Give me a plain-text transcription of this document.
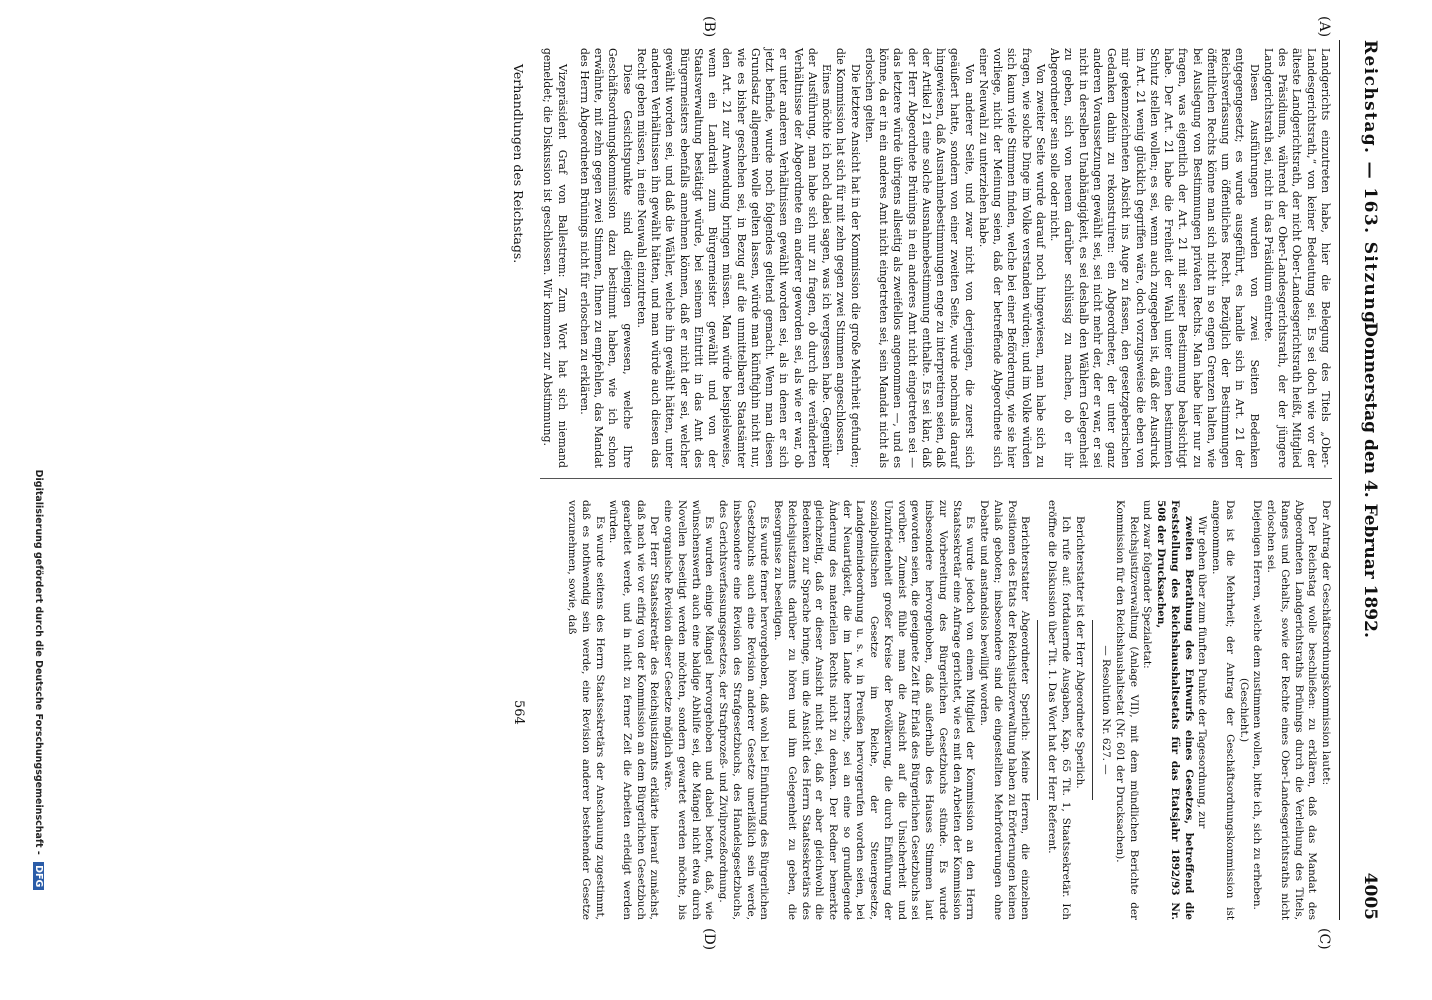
Reichstag. — 163. Sitzung.
Donnerstag den 4. Februar 1892.
4005
(A)
(B)
(C)
(D)

Landgerichts einzutreten habe, hier die Belegung des Titels „Ober-Landesgerichtsrath,“ von keiner Bedeutung sei. Es sei doch wie vor der älteste Landgerichtsrath, der nicht Ober-Landesgerichtsrath heißt, Mitglied des Präsidiums, während der Ober-Landesgerichtsrath, der der jüngere Landgerichtsrath sei, nicht in das Präsidium eintrete.

Diesen Ausführungen wurden von zwei Seiten Bedenken entgegengesetzt; es wurde ausgeführt, es handle sich in Art. 21 der Reichsverfassung um öffentliches Recht. Bezüglich der Bestimmungen öffentlichen Rechts könne man sich nicht in so engen Grenzen halten, wie bei Auslegung von Bestimmungen privaten Rechts. Man habe hier nur zu fragen, was eigentlich der Art. 21 mit seiner Bestimmung beabsichtigt habe. Der Art. 21 habe die Freiheit der Wahl unter einen bestimmten Schutz stellen wollen; es sei, wenn auch zugegeben ist, daß der Ausdruck im Art. 21 wenig glücklich gegriffen wäre, doch vorzugsweise die eben von mir gekennzeichneten Absicht ins Auge zu fassen, den gesetzgeberischen Gedanken dahin zu rekonstruiren: ein Abgeordneter, der unter ganz anderen Voraussetzungen gewählt sei, sei nicht mehr der, der er war, er sei nicht in derselben Unabhängigkeit, es sei deshalb den Wählern Gelegenheit zu geben, sich von neuem darüber schlüssig zu machen, ob er ihr Abgeordneter sein solle oder nicht.

Von zweiter Seite wurde darauf noch hingewiesen, man habe sich zu fragen, wie solche Dinge im Volke verstanden würden; und im Volke würden sich kaum viele Stimmen finden, welche bei einer Beförderung, wie sie hier vorliege, nicht der Meinung seien, daß der betreffende Abgeordnete sich einer Neuwahl zu unterziehen habe.

Von anderer Seite, und zwar nicht von derjenigen, die zuerst sich geäußert hatte, sondern von einer zweiten Seite, wurde nochmals darauf hingewiesen, daß Ausnahmebestimmungen enge zu interpretiren seien, daß der Artikel 21 eine solche Ausnahmebestimmung enthalte. Es sei klar, daß der Herr Abgeordnete Brünings in ein anderes Amt nicht eingetreten sei — das letztere würde übrigens allseitig als zweifellos angenommen —, und es könne, da er in ein anderes Amt nicht eingetreten sei, sein Mandat nicht als erloschen gelten.

Die letztere Ansicht hat in der Kommission die große Mehrheit gefunden; die Kommission hat sich für mit zehn gegen zwei Stimmen angeschlossen.

Eines möchte ich noch dabei sagen, was ich vergessen habe. Gegenüber der Ausführung, man habe sich nur zu fragen, ob durch die veränderten Verhältnisse der Abgeordnete ein anderer geworden sei, als wie er war, ob er unter anderen Verhältnissen gewählt worden sei, als in denen er sich jetzt befinde, wurde noch folgendes geltend gemacht. Wenn man diesen Grundsatz allgemein wolle gelten lassen, würde man künftighin nicht nur, wie es bisher geschehen sei, in Bezug auf die unmittelbaren Staatsämter den Art. 21 zur Anwendung bringen müssen. Man würde beispielsweise, wenn ein Landrath zum Bürgermeister gewählt und von der Staatsverwaltung bestätigt würde, bei seinem Eintritt in das Amt des Bürgermeisters ebenfalls annehmen können, daß er nicht der sei, welcher gewählt worden sei, und daß die Wähler, welche ihn gewählt hätten, unter anderen Verhältnissen ihn gewählt hätten, und man würde auch diesen das Recht geben müssen, in eine Neuwahl einzutreten.

Diese Gesichtspunkte sind diejenigen gewesen, welche Ihre Geschäftsordnungskommission dazu bestimmt haben, wie ich schon erwähnte, mit zehn gegen zwei Stimmen, Ihnen zu empfehlen, das Mandat des Herrn Abgeordneten Brünings nicht für erloschen zu erklären.

Vizepräsident Graf von Ballestrem: Zum Wort hat sich niemand gemeldet; die Diskussion ist geschlossen. Wir kommen zur Abstimmung.

Der Antrag der Geschäftsordnungskommission lautet:

Der Reichstag wolle beschließen: zu erklären, daß das Mandat des Abgeordneten Landgerichtsraths Brünings durch die Verleihung des Titels, Ranges und Gehalts, sowie der Rechte eines Ober-Landesgerichtsraths nicht erloschen sei.

Diejenigen Herren, welche dem zustimmen wollen, bitte ich, sich zu erheben.

(Geschieht.)

Das ist die Mehrheit; der Antrag der Geschäftsordnungskommission ist angenommen.

Wir gehen über zum fünften Punkte der Tagesordnung, zur

zweiten Berathung des Entwurfs eines Gesetzes, betreffend die Feststellung des Reichshaushaltsetats für das Etatsjahr 1892/93 Nr. 508 der Drucksachen,

und zwar folgender Spezialetat:

Reichsjustizverwaltung (Anlage VII), mit dem mündlichen Berichte der Kommission für den Reichshaushaltsetat (Nr. 601 der Drucksachen).

— Resolution Nr. 627. —

Berichterstatter ist der Herr Abgeordnete Sperlich.

Ich rufe auf: fortdauernde Ausgaben, Kap. 65 Tit. 1, Staatssekretär. Ich eröffne die Diskussion über Tit. 1. Das Wort hat der Herr Referent.

Berichterstatter Abgeordneter Sperlich: Meine Herren, die einzelnen Positionen des Etats der Reichsjustizverwaltung haben zu Erörterungen keinen Anlaß geboten; insbesondere sind die eingestellten Mehrforderungen ohne Debatte und anstandslos bewilligt worden.

Es wurde jedoch von einem Mitglied der Kommission an den Herrn Staatssekretär eine Anfrage gerichtet, wie es mit den Arbeiten der Kommission zur Vorbereitung des Bürgerlichen Gesetzbuchs stünde. Es wurde insbesondere hervorgehoben, daß außerhalb des Hauses Stimmen laut geworden seien, die geeignete Zeit für Erlaß des Bürgerlichen Gesetzbuchs sei vorüber. Zumeist fühle man die Ansicht auf die Unsicherheit und Unzufriedenheit großer Kreise der Bevölkerung, die durch Einführung der sozialpolitischen Gesetze im Reiche, der Steuergesetze, Landgemeindeordnung u. s. w. in Preußen hervorgerufen worden seien, bei der Neuartigkeit, die im Lande herrsche, sei an eine so grundlegende Änderung des materiellen Rechts nicht zu denken. Der Redner bemerkte gleichzeitig, daß er dieser Ansicht nicht sei, daß er aber gleichwohl die Bedenken zur Sprache bringe, um die Ansicht des Herrn Staatssekretärs des Reichsjustizamts darüber zu hören und ihm Gelegenheit zu geben, die Besorgnisse zu beseitigen.

Es wurde ferner hervorgehoben, daß wohl bei Einführung des Bürgerlichen Gesetzbuchs auch eine Revision anderer Gesetze unerläßlich sein werde, insbesondere eine Revision des Strafgesetzbuchs, des Handelsgesetzbuchs, des Gerichtsverfassungsgesetzes, der Strafprozeß- und Zivilprozeßordnung.

Es wurden einige Mängel hervorgehoben und dabei betont, daß, wie wünschenswerth auch eine baldige Abhilfe sei, die Mängel nicht etwa durch Novellen beseitigt werden möchten, sondern gewartet werden möchte, bis eine organische Revision dieser Gesetze möglich wäre.

Der Herr Staatssekretär des Reichsjustizamts erklärte hierauf zunächst, daß nach wie vor eifrig von der Kommission an dem Bürgerlichen Gesetzbuch gearbeitet werde, und in nicht zu ferner Zeit die Arbeiten erledigt werden würden.

Es wurde seitens des Herrn Staatssekretärs der Anschauung zugestimmt, daß es nothwendig sein werde, eine Revision anderer bestehender Gesetze vorzunehmen, sowie, daß

Verhandlungen des Reichstags.
564
Digitalisierung gefördert durch die Deutsche Forschungsgemeinschaft - DFG
